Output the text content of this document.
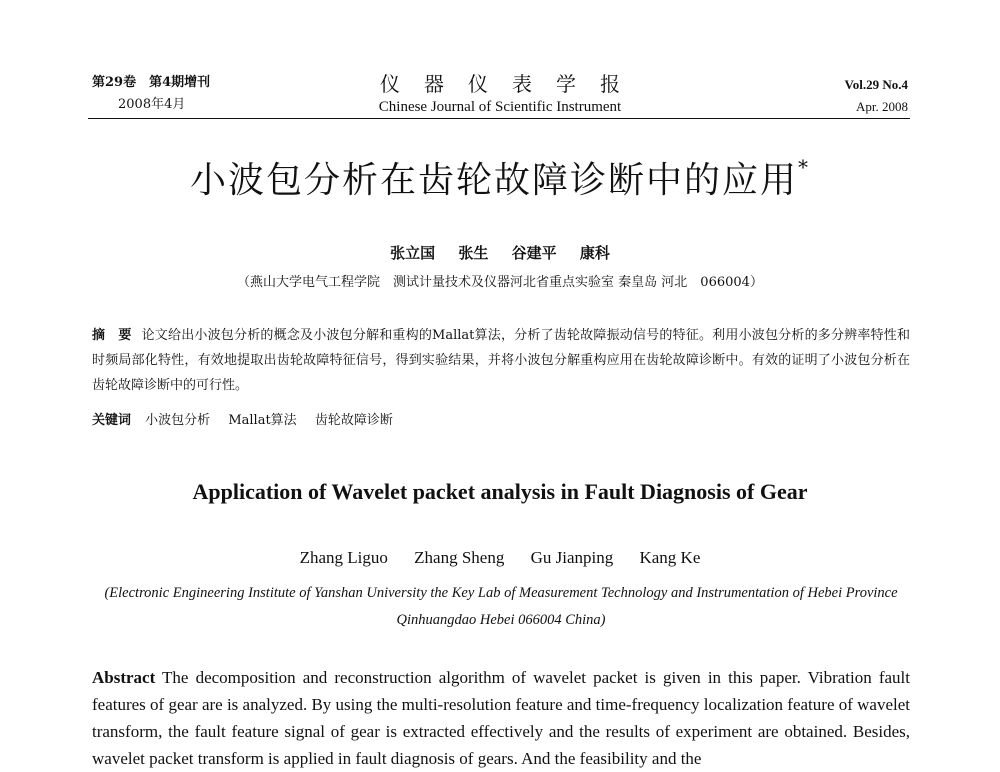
第29卷　第4期增刊
2008年4月
仪器仪表学报
Chinese Journal of Scientific Instrument
Vol.29 No.4
Apr. 2008
小波包分析在齿轮故障诊断中的应用*
张立国 张生 谷建平 康科
（燕山大学电气工程学院　测试计量技术及仪器河北省重点实验室 秦皇岛 河北　066004）
摘　要 论文给出小波包分析的概念及小波包分解和重构的Mallat算法，分析了齿轮故障振动信号的特征。利用小波包分析的多分辨率特性和时频局部化特性，有效地提取出齿轮故障特征信号，得到实验结果，并将小波包分解重构应用在齿轮故障诊断中。有效的证明了小波包分析在齿轮故障诊断中的可行性。
关键词 小波包分析 Mallat算法 齿轮故障诊断
Application of Wavelet packet analysis in Fault Diagnosis of Gear
Zhang Liguo Zhang Sheng Gu Jianping Kang Ke
(Electronic Engineering Institute of Yanshan University the Key Lab of Measurement Technology and Instrumentation of Hebei Province Qinhuangdao Hebei 066004 China)
Abstract The decomposition and reconstruction algorithm of wavelet packet is given in this paper. Vibration fault features of gear are is analyzed. By using the multi-resolution feature and time-frequency localization feature of wavelet transform, the fault feature signal of gear is extracted effectively and the results of experiment are obtained. Besides, wavelet packet transform is applied in fault diagnosis of gears. And the feasibility and the
